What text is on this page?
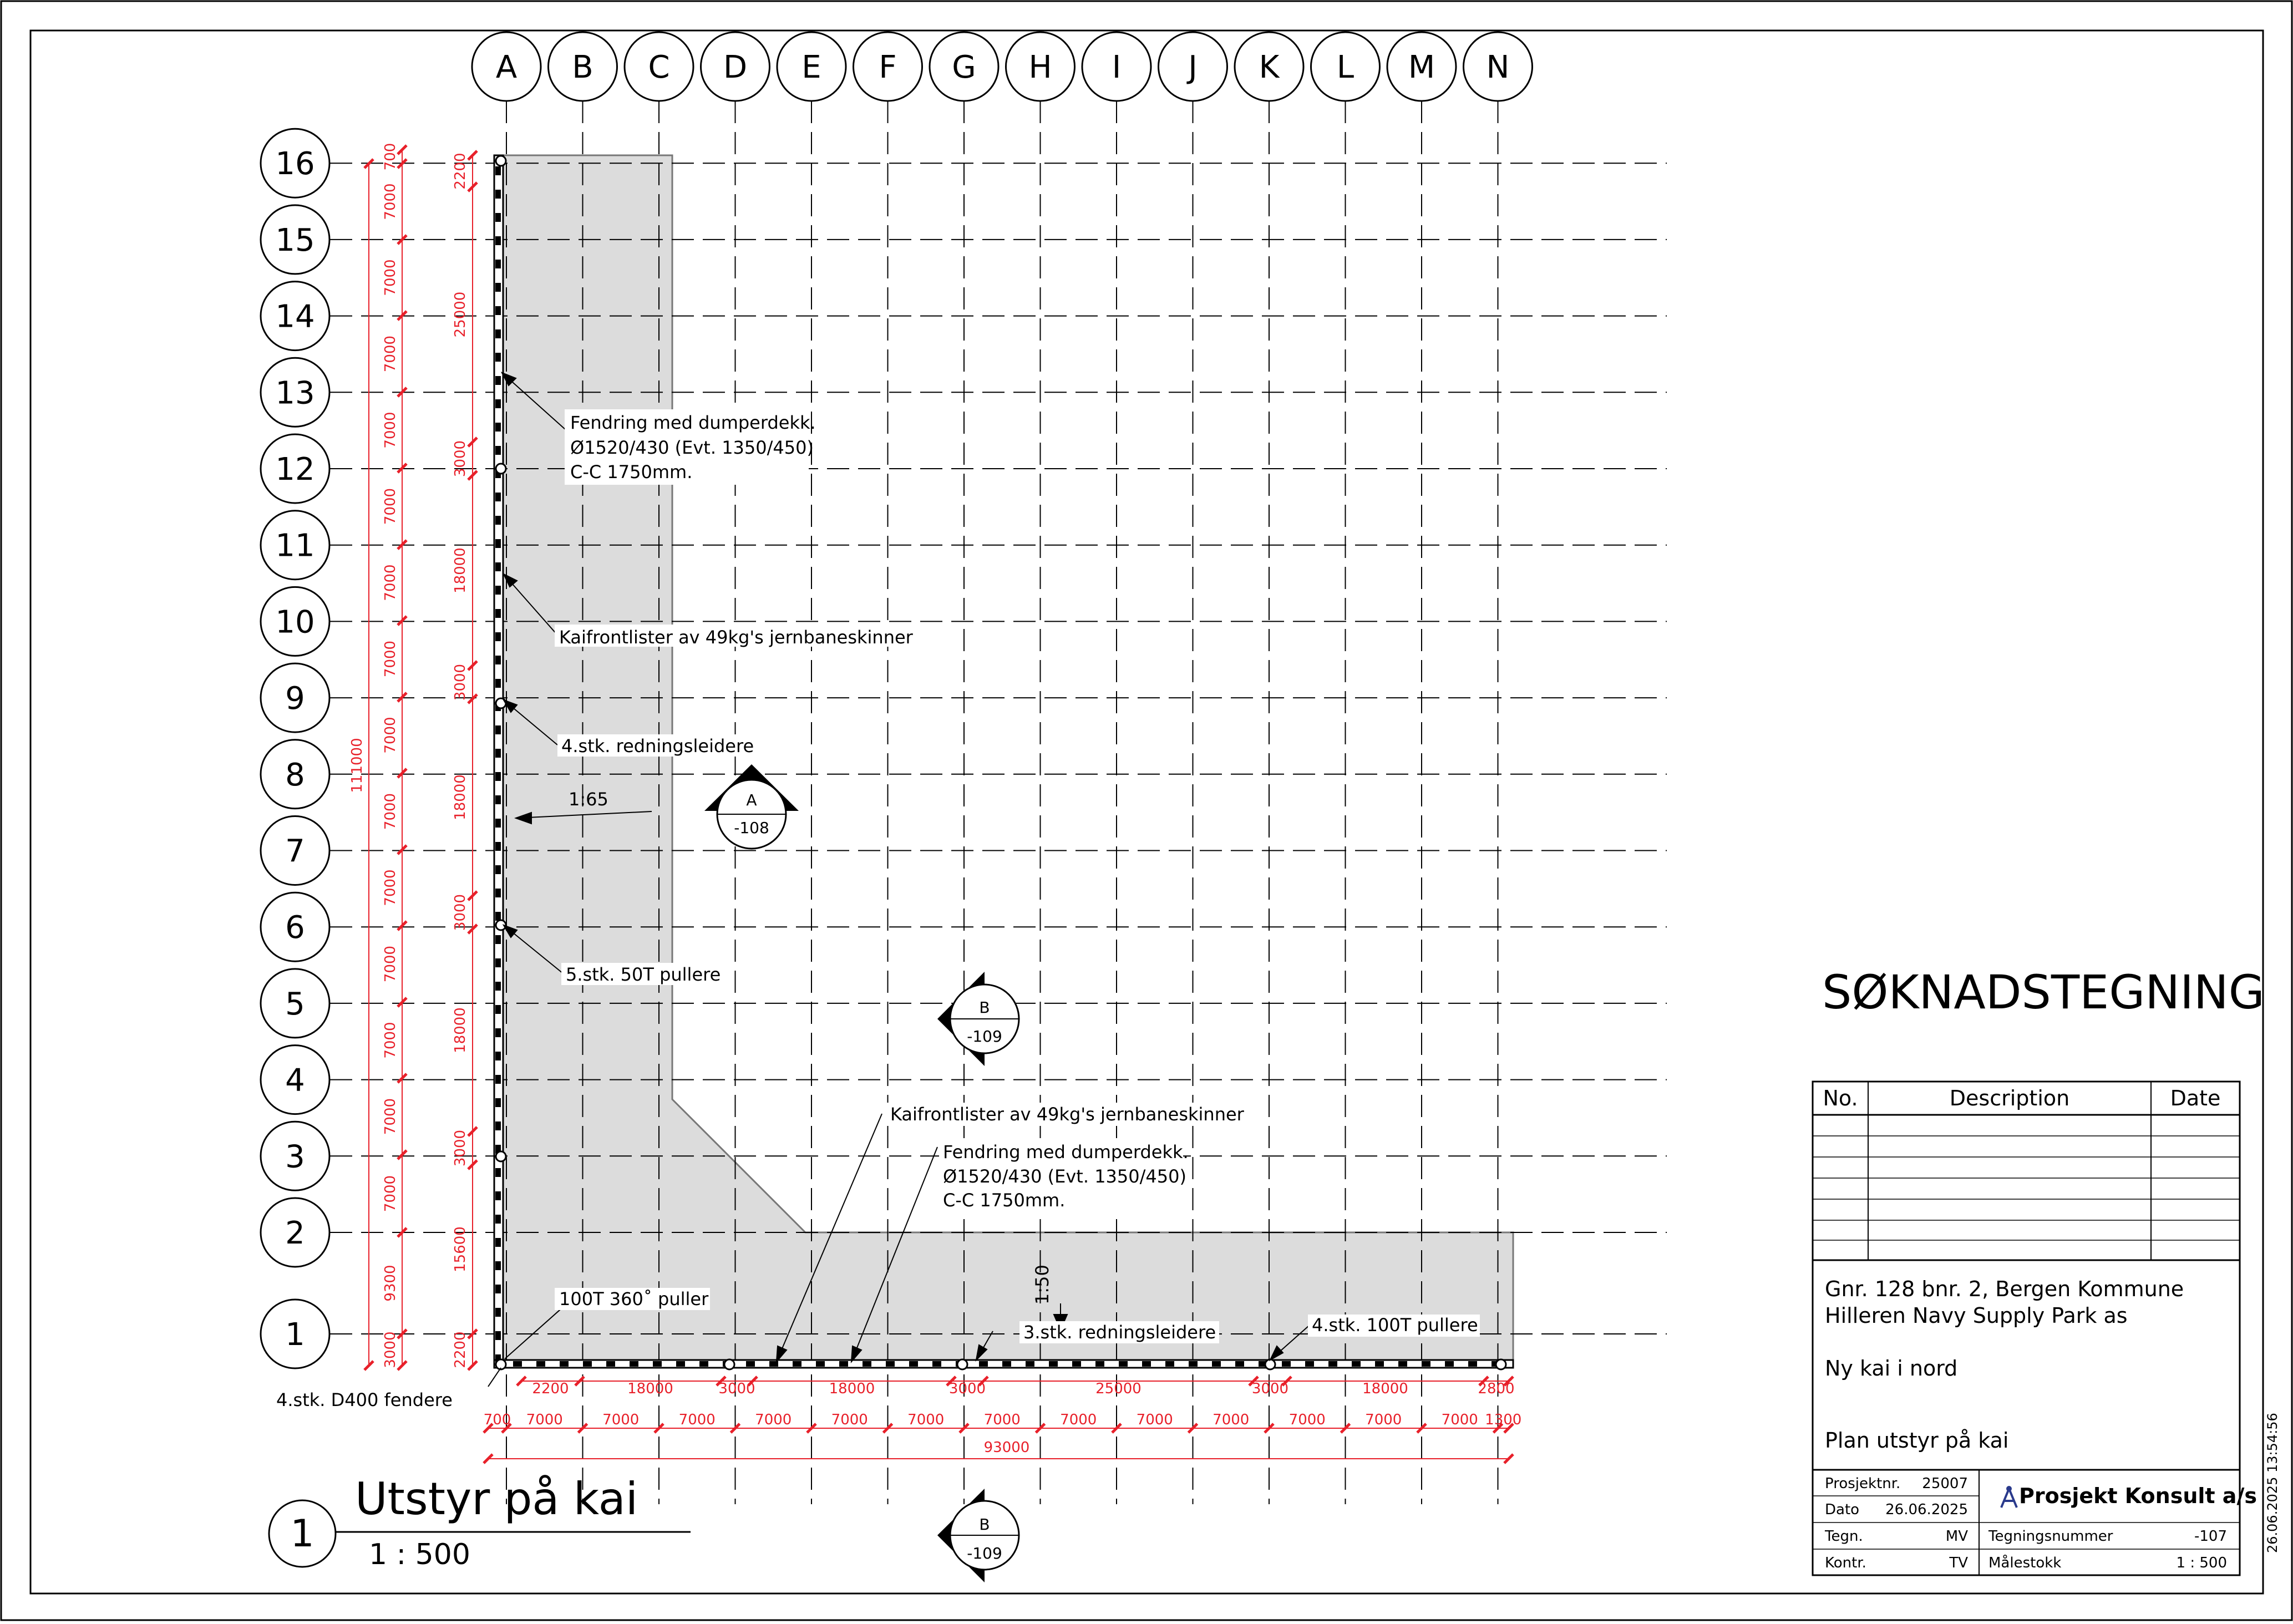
A B C D E F G H I J K L M N
1
2
3
4
5
6
7
8
9
10
11
12
13
14
15
16	700
7000
7000
7000
7000
7000
7000
7000
7000
7000
7000
7000
7000
7000
7000
9300
3000
111000
2200
25000
3000
18000
3000
18000
3000
18000
3000
15600
2200
2200	18000	3000	18000	3000	25000	3000	18000	2800
700 7000	7000	7000	7000	7000	7000	7000	7000	7000	7000	7000	7000	7000 1300
93000
A
-108
B
-109
B
-109
Fendring med dumperdekk.
Ø1520/430 (Evt. 1350/450)
C-C 1750mm.
Kaifrontlister av 49kg's jernbaneskinner
4.stk. redningsleidere
1:65
5.stk. 50T pullere
Kaifrontlister av 49kg's jernbaneskinner
Fendring med dumperdekk.
Ø1520/430 (Evt. 1350/450)
C-C 1750mm.
1:50
100T 360˚ puller
3.stk. redningsleidere	4.stk. 100T pullere
4.stk. D400 fendere
1
Utstyr på kai
1 : 500
SØKNADSTEGNING
No.	Description	Date
Gnr. 128 bnr. 2, Bergen Kommune
Hilleren Navy Supply Park as
Ny kai i nord
Plan utstyr på kai
Prosjektnr. 25007
Dato 26.06.2025
Tegn.	MV
Kontr.	TV
Prosjekt Konsult a/s
Tegningsnummer	-107
Målestokk	1 : 500
26.06.2025 13:54:56
